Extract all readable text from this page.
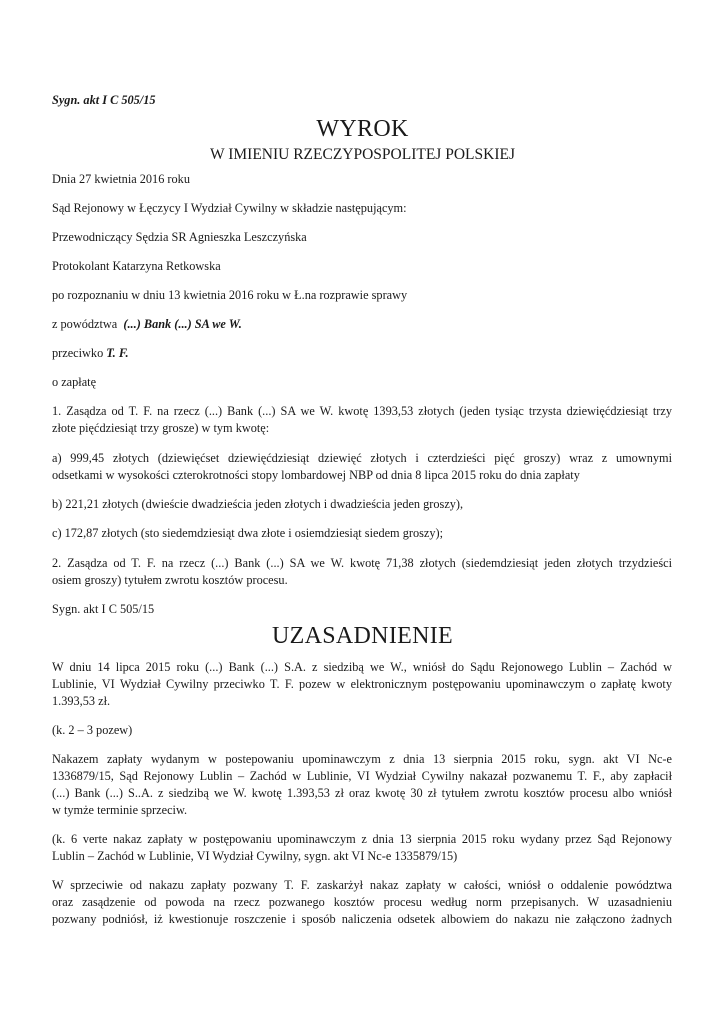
Sygn. akt I C 505/15
WYROK
W IMIENIU RZECZYPOSPOLITEJ POLSKIEJ
Dnia 27 kwietnia 2016 roku
Sąd Rejonowy w Łęczycy I Wydział Cywilny w składzie następującym:
Przewodniczący Sędzia SR Agnieszka Leszczyńska
Protokolant Katarzyna Retkowska
po rozpoznaniu w dniu 13 kwietnia 2016 roku w Ł.na rozprawie sprawy
z powództwa  (...) Bank (...) SA we W.
przeciwko T. F.
o zapłatę
1. Zasądza od T. F. na rzecz (...) Bank (...) SA we W. kwotę 1393,53 złotych (jeden tysiąc trzysta dziewięćdziesiąt trzy
złote pięćdziesiąt trzy grosze) w tym kwotę:
a) 999,45 złotych (dziewięćset dziewięćdziesiąt dziewięć złotych i czterdzieści pięć groszy) wraz z umownymi
odsetkami w wysokości czterokrotności stopy lombardowej NBP od dnia 8 lipca 2015 roku do dnia zapłaty
b) 221,21 złotych (dwieście dwadzieścia jeden złotych i dwadzieścia jeden groszy),
c) 172,87 złotych (sto siedemdziesiąt dwa złote i osiemdziesiąt siedem groszy);
2. Zasądza od T. F. na rzecz (...) Bank (...) SA we W. kwotę 71,38 złotych (siedemdziesiąt jeden złotych trzydzieści
osiem groszy) tytułem zwrotu kosztów procesu.
Sygn. akt I C 505/15
UZASADNIENIE
W dniu 14 lipca 2015 roku (...) Bank (...) S.A. z siedzibą we W., wniósł do Sądu Rejonowego Lublin – Zachód w
Lublinie, VI Wydział Cywilny przeciwko T. F. pozew w elektronicznym postępowaniu upominawczym o zapłatę kwoty
1.393,53 zł.
(k. 2 – 3 pozew)
Nakazem zapłaty wydanym w postepowaniu upominawczym z dnia 13 sierpnia 2015 roku, sygn. akt VI Nc-e
1336879/15, Sąd Rejonowy Lublin – Zachód w Lublinie, VI Wydział Cywilny nakazał pozwanemu T. F., aby zapłacił
(...) Bank (...) S..A. z siedzibą we W. kwotę 1.393,53 zł oraz kwotę 30 zł tytułem zwrotu kosztów procesu albo wniósł
w tymże terminie sprzeciw.
(k. 6 verte nakaz zapłaty w postępowaniu upominawczym z dnia 13 sierpnia 2015 roku wydany przez Sąd Rejonowy
Lublin – Zachód w Lublinie, VI Wydział Cywilny, sygn. akt VI Nc-e 1335879/15)
W sprzeciwie od nakazu zapłaty pozwany T. F. zaskarżył nakaz zapłaty w całości, wniósł o oddalenie powództwa
oraz zasądzenie od powoda na rzecz pozwanego kosztów procesu według norm przepisanych. W uzasadnieniu
pozwany podniósł, iż kwestionuje roszczenie i sposób naliczenia odsetek albowiem do nakazu nie załączono żadnych
